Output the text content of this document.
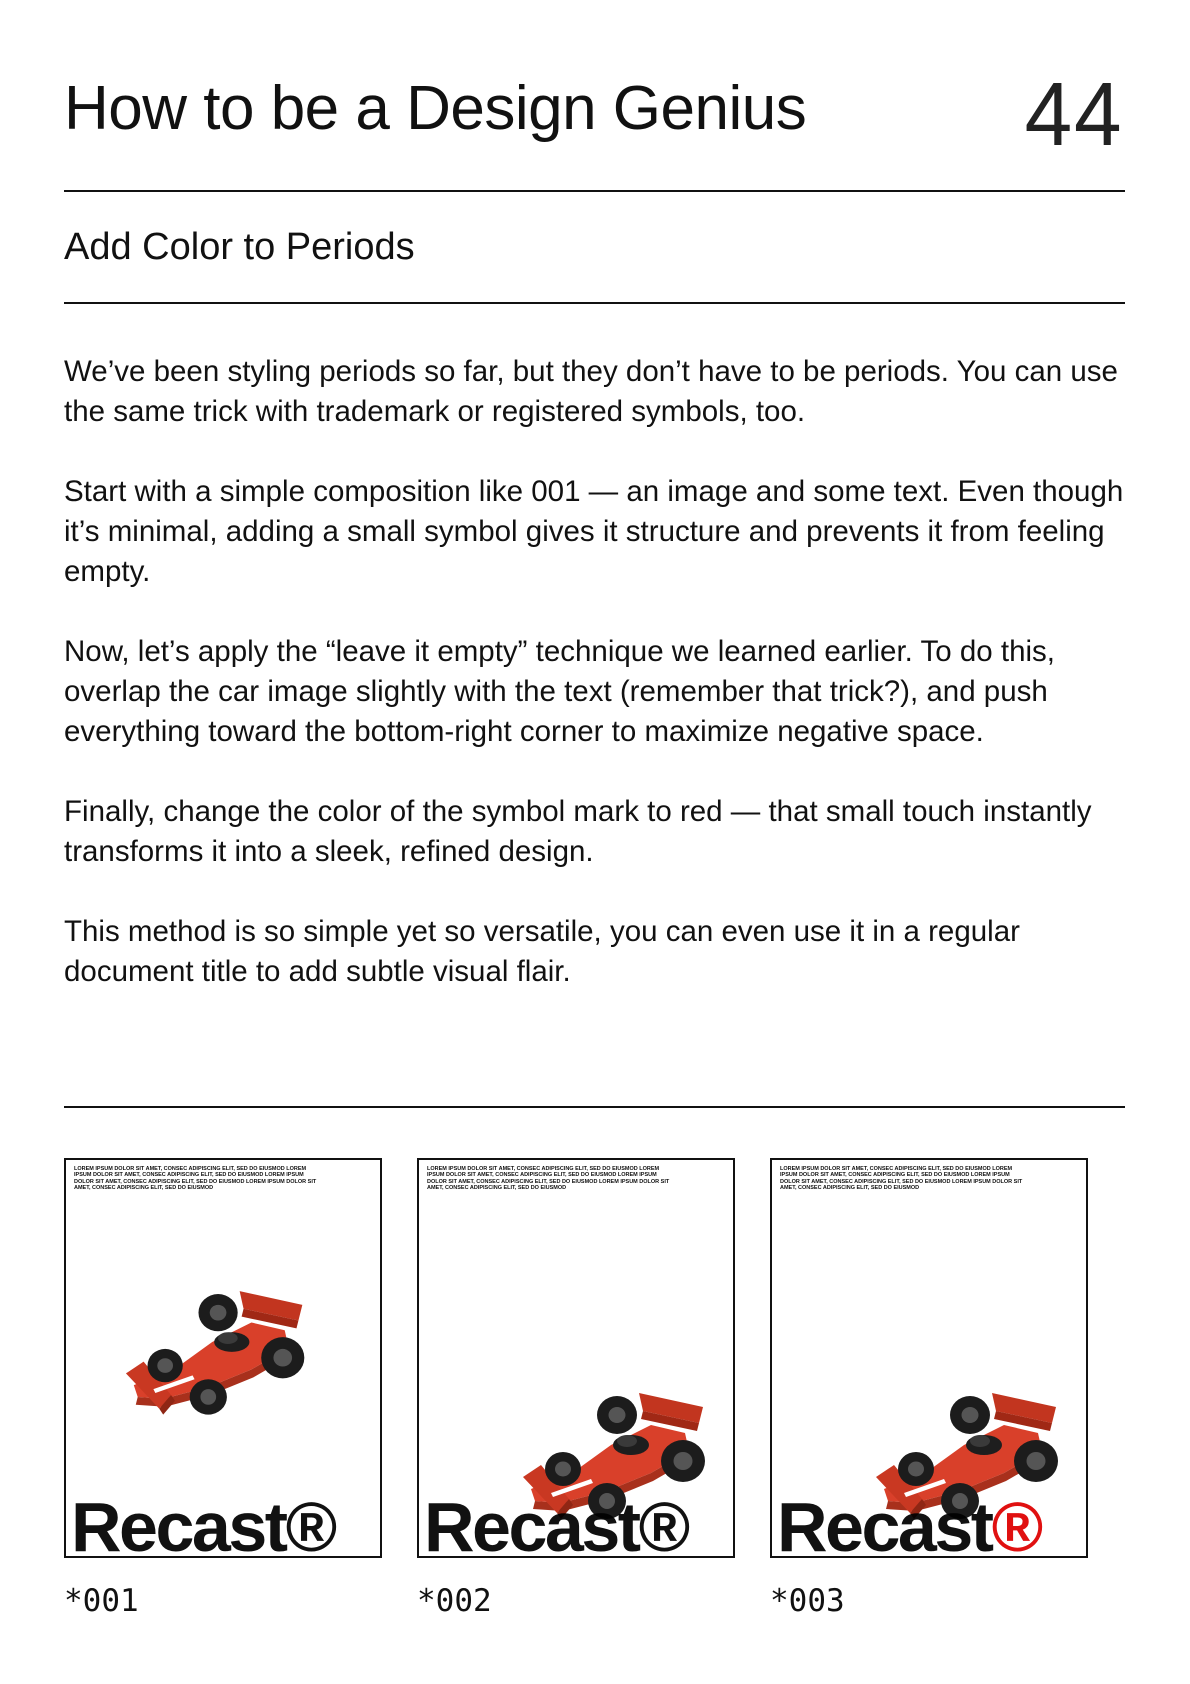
How to be a Design Genius 44
Add Color to Periods

We’ve been styling periods so far, but they don’t have to be periods. You can use the same trick with trademark or registered symbols, too.

Start with a simple composition like 001 — an image and some text. Even though it’s minimal, adding a small symbol gives it structure and prevents it from feeling empty.

Now, let’s apply the “leave it empty” technique we learned earlier. To do this, overlap the car image slightly with the text (remember that trick?), and push everything toward the bottom-right corner to maximize negative space.

Finally, change the color of the symbol mark to red — that small touch instantly transforms it into a sleek, refined design.

This method is so simple yet so versatile, you can even use it in a regular document title to add subtle visual flair.

LOREM IPSUM DOLOR SIT AMET, CONSEC ADIPISCING ELIT, SED DO EIUSMOD LOREM IPSUM DOLOR SIT AMET, CONSEC ADIPISCING ELIT, SED DO EIUSMOD LOREM IPSUM DOLOR SIT AMET, CONSEC ADIPISCING ELIT, SED DO EIUSMOD LOREM IPSUM DOLOR SIT AMET, CONSEC ADIPISCING ELIT, SED DO EIUSMOD
Recast®
LOREM IPSUM DOLOR SIT AMET, CONSEC ADIPISCING ELIT, SED DO EIUSMOD LOREM IPSUM DOLOR SIT AMET, CONSEC ADIPISCING ELIT, SED DO EIUSMOD LOREM IPSUM DOLOR SIT AMET, CONSEC ADIPISCING ELIT, SED DO EIUSMOD LOREM IPSUM DOLOR SIT AMET, CONSEC ADIPISCING ELIT, SED DO EIUSMOD
Recast®
LOREM IPSUM DOLOR SIT AMET, CONSEC ADIPISCING ELIT, SED DO EIUSMOD LOREM IPSUM DOLOR SIT AMET, CONSEC ADIPISCING ELIT, SED DO EIUSMOD LOREM IPSUM DOLOR SIT AMET, CONSEC ADIPISCING ELIT, SED DO EIUSMOD LOREM IPSUM DOLOR SIT AMET, CONSEC ADIPISCING ELIT, SED DO EIUSMOD
Recast®
*001	*002	*003
